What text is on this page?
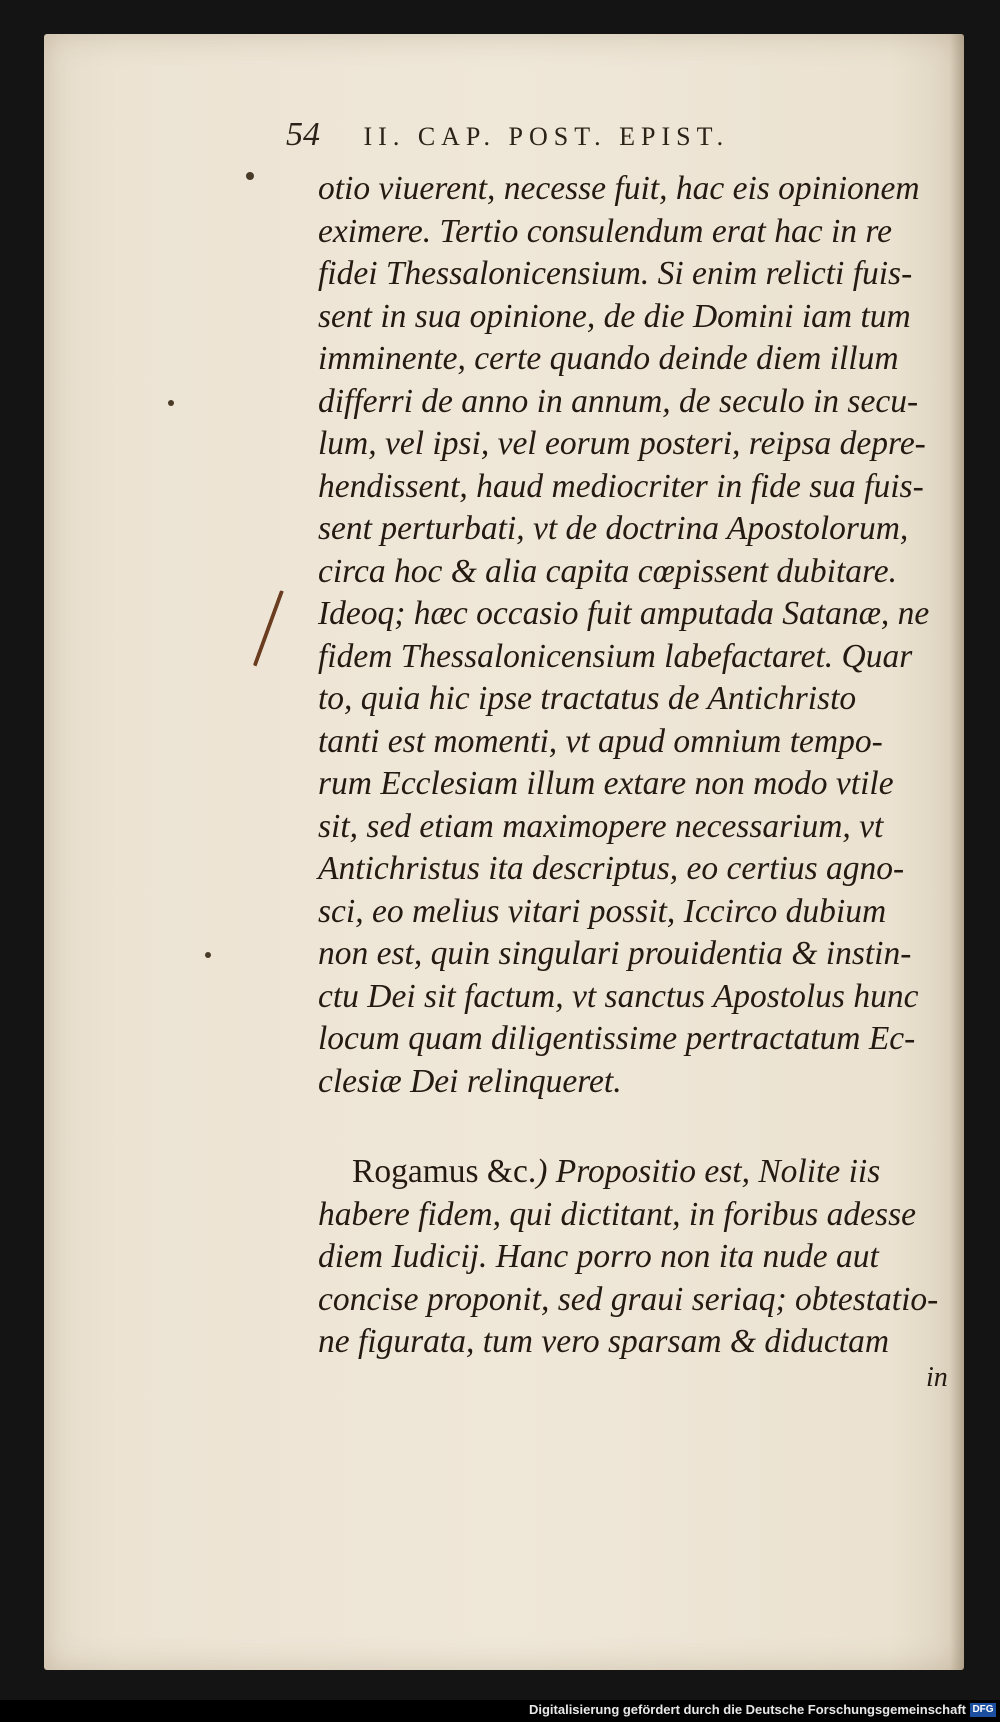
54 II. CAP. POST. EPIST.
otio viuerent, necesse fuit, hac eis opinionem
eximere. Tertio consulendum erat hac in re
fidei Thessalonicensium. Si enim relicti fuis-
sent in sua opinione, de die Domini iam tum
imminente, certe quando deinde diem illum
differri de anno in annum, de seculo in secu-
lum, vel ipsi, vel eorum posteri, reipsa depre-
hendissent, haud mediocriter in fide sua fuis-
sent perturbati, vt de doctrina Apostolorum,
circa hoc & alia capita cœpissent dubitare.
Ideoq; hæc occasio fuit amputada Satanæ, ne
fidem Thessalonicensium labefactaret. Quar
to, quia hic ipse tractatus de Antichristo
tanti est momenti, vt apud omnium tempo-
rum Ecclesiam illum extare non modo vtile
sit, sed etiam maximopere necessarium, vt
Antichristus ita descriptus, eo certius agno-
sci, eo melius vitari possit, Iccirco dubium
non est, quin singulari prouidentia & instin-
ctu Dei sit factum, vt sanctus Apostolus hunc
locum quam diligentissime pertractatum Ec-
clesiæ Dei relinqueret.
Rogamus &c.) Propositio est, Nolite iis
habere fidem, qui dictitant, in foribus adesse
diem Iudicij. Hanc porro non ita nude aut
concise proponit, sed graui seriaq; obtestatio-
ne figurata, tum vero sparsam & diductam
in
Digitalisierung gefördert durch die Deutsche Forschungsgemeinschaft DFG
